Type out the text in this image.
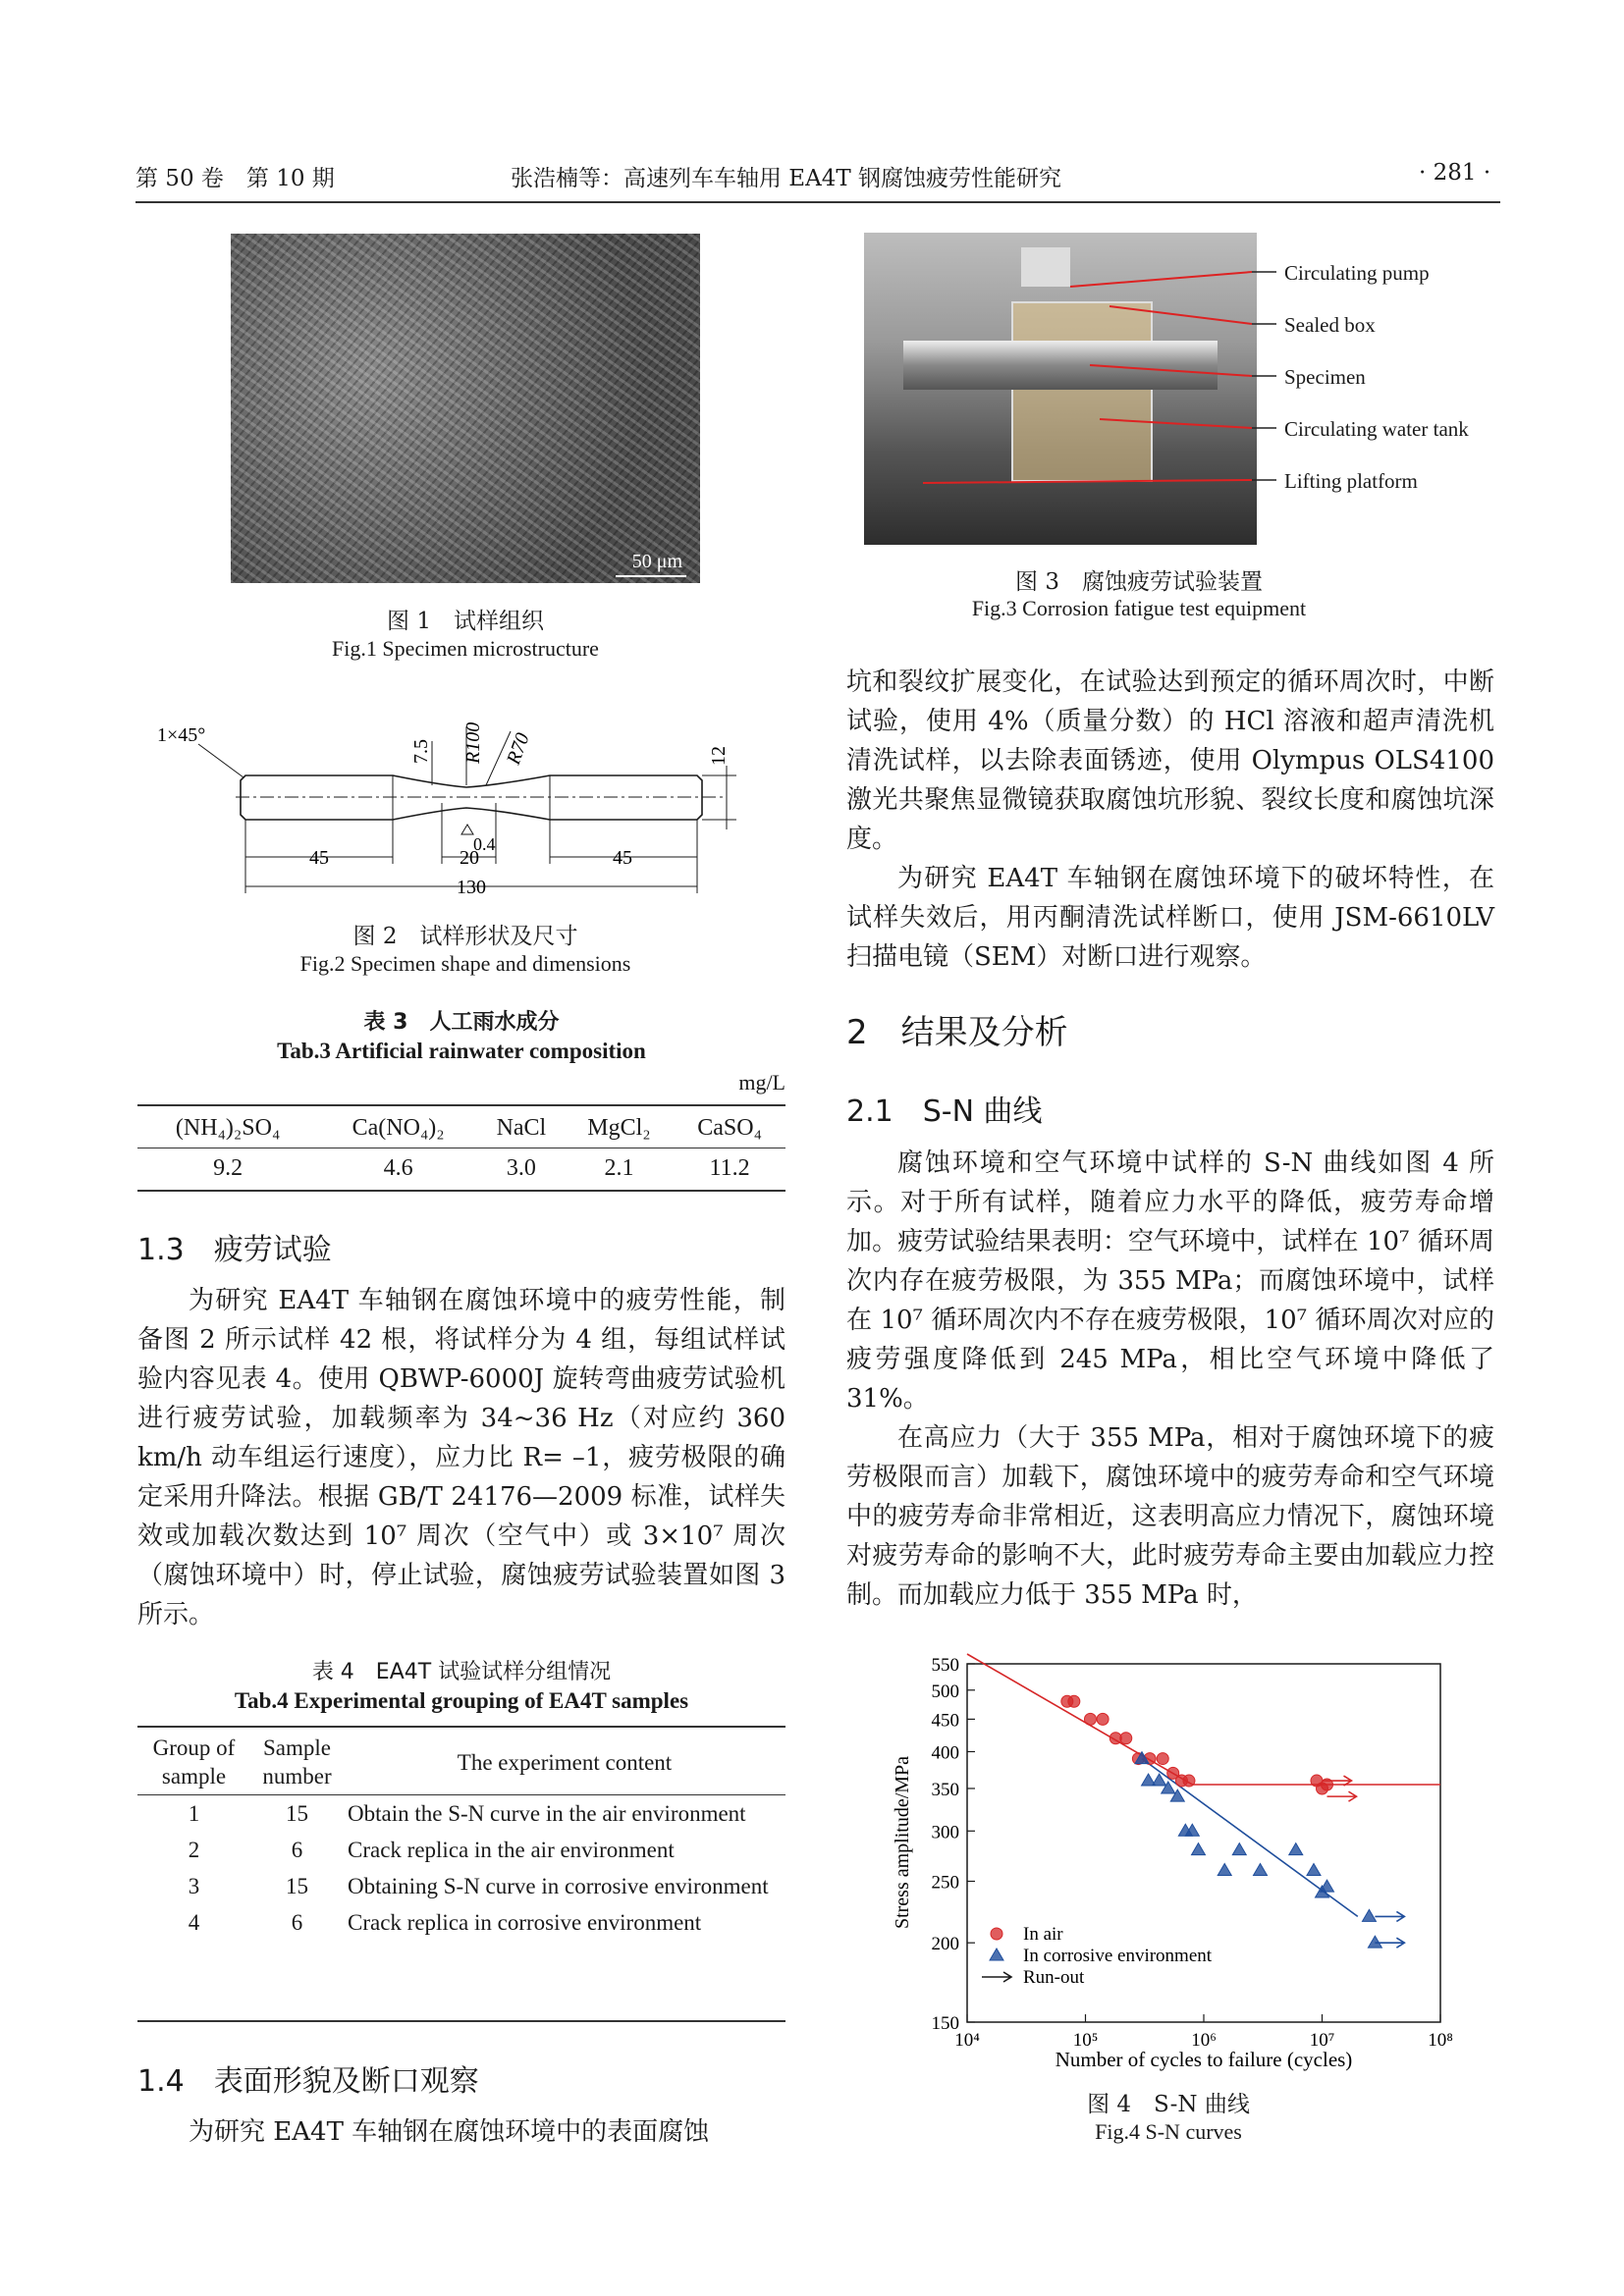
第 50 卷　第 10 期	张浩楠等：高速列车车轴用 EA4T 钢腐蚀疲劳性能研究	· 281 ·
50 μm
图 1　试样组织
Fig.1 Specimen microstructure
1×45°
7.5 R100 R70	12
0.4
45	20	45
130
图 2　试样形状及尺寸
Fig.2 Specimen shape and dimensions
表 3　人工雨水成分
Tab.3 Artificial rainwater composition
mg/L
(NH₄)₂SO₄	Ca(NO₄)₂	NaCl	MgCl₂	CaSO₄
9.2	4.6	3.0	2.1	11.2
1.3　疲劳试验

为研究 EA4T 车轴钢在腐蚀环境中的疲劳性能，制备图 2 所示试样 42 根，将试样分为 4 组，每组试样试验内容见表 4。使用 QBWP-6000J 旋转弯曲疲劳试验机进行疲劳试验，加载频率为 34~36 Hz（对应约 360 km/h 动车组运行速度），应力比 R= –1，疲劳极限的确定采用升降法。根据 GB/T 24176—2009 标准，试样失效或加载次数达到 10⁷ 周次（空气中）或 3×10⁷ 周次（腐蚀环境中）时，停止试验，腐蚀疲劳试验装置如图 3 所示。

表 4　EA4T 试验试样分组情况
Tab.4 Experimental grouping of EA4T samples
Group of sample	Sample number	The experiment content
1	15	Obtain the S-N curve in the air environment
2	6	Crack replica in the air environment
3	15	Obtaining S-N curve in corrosive environment
4	6	Crack replica in corrosive environment
1.4　表面形貌及断口观察

为研究 EA4T 车轴钢在腐蚀环境中的表面腐蚀

Circulating pump
Sealed box
Specimen
Circulating water tank
Lifting platform
图 3　腐蚀疲劳试验装置
Fig.3 Corrosion fatigue test equipment

坑和裂纹扩展变化，在试验达到预定的循环周次时，中断试验，使用 4%（质量分数）的 HCl 溶液和超声清洗机清洗试样，以去除表面锈迹，使用 Olympus OLS4100 激光共聚焦显微镜获取腐蚀坑形貌、裂纹长度和腐蚀坑深度。

为研究 EA4T 车轴钢在腐蚀环境下的破坏特性，在试样失效后，用丙酮清洗试样断口，使用 JSM-6610LV 扫描电镜（SEM）对断口进行观察。

2　结果及分析
2.1　S-N 曲线

腐蚀环境和空气环境中试样的 S-N 曲线如图 4 所示。对于所有试样，随着应力水平的降低，疲劳寿命增加。疲劳试验结果表明：空气环境中，试样在 10⁷ 循环周次内存在疲劳极限，为 355 MPa；而腐蚀环境中，试样在 10⁷ 循环周次内不存在疲劳极限，10⁷ 循环周次对应的疲劳强度降低到 245 MPa，相比空气环境中降低了 31%。

在高应力（大于 355 MPa，相对于腐蚀环境下的疲劳极限而言）加载下，腐蚀环境中的疲劳寿命和空气环境中的疲劳寿命非常相近，这表明高应力情况下，腐蚀环境对疲劳寿命的影响不大，此时疲劳寿命主要由加载应力控制。而加载应力低于 355 MPa 时，

10⁴	10⁵	10⁶	10⁷	10⁸
150
200
250
300
350
400
450
500
550
Stress amplitude/MPa
Number of cycles to failure (cycles)
In air
In corrosive environment
Run-out
图 4　S-N 曲线
Fig.4 S-N curves
